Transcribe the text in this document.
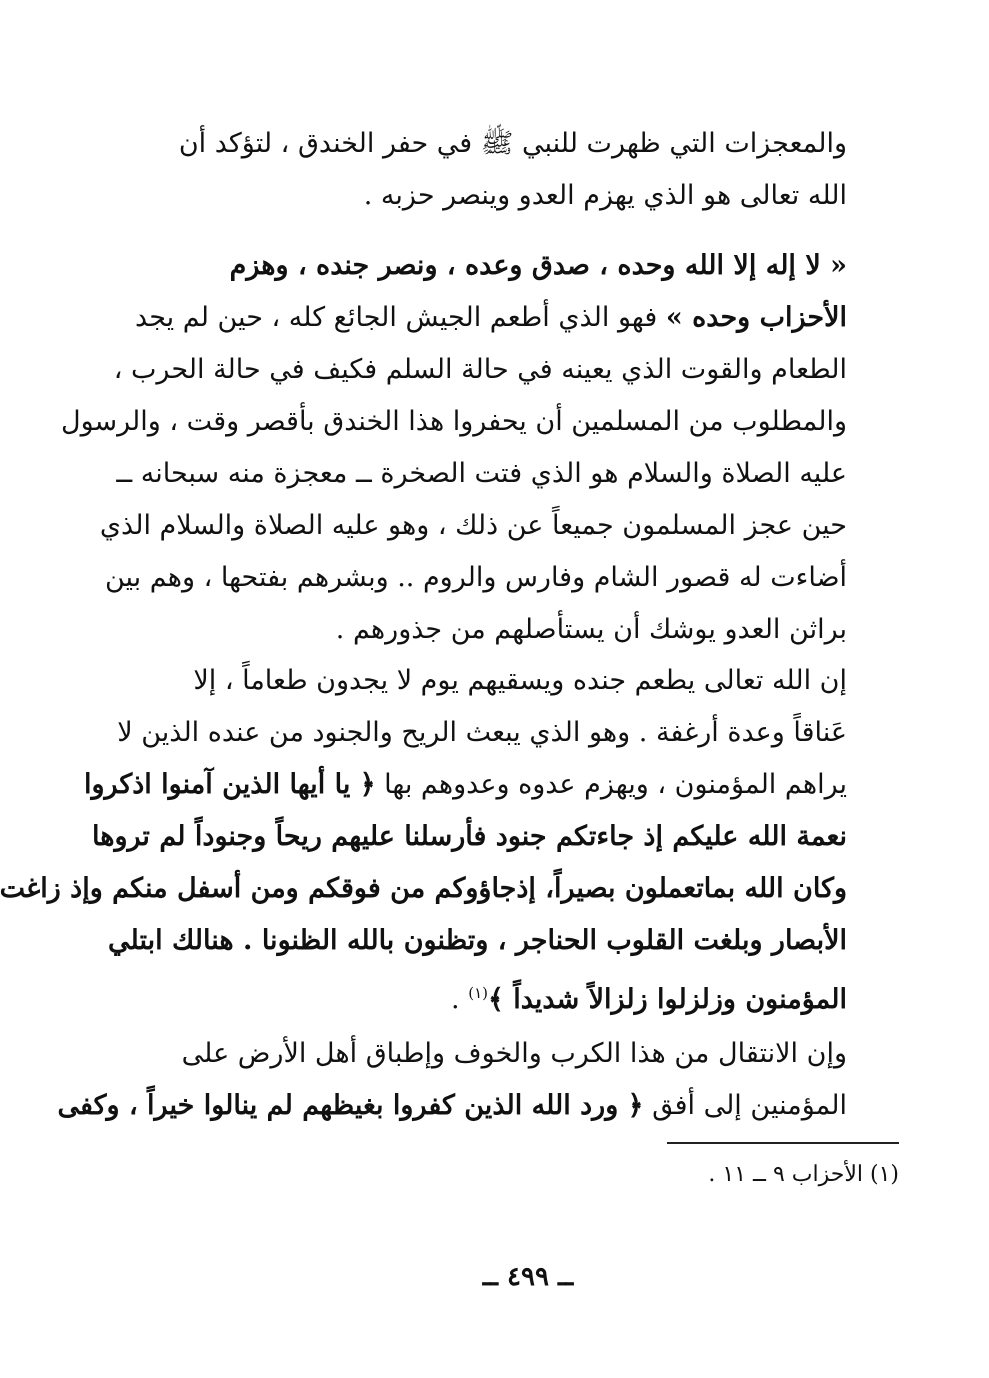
والمعجزات التي ظهرت للنبي ﷺ في حفر الخندق ، لتؤكد أن
الله تعالى هو الذي يهزم العدو وينصر حزبه .
« لا إله إلا الله وحده ، صدق وعده ، ونصر جنده ، وهزم
الأحزاب وحده » فهو الذي أطعم الجيش الجائع كله ، حين لم يجد
الطعام والقوت الذي يعينه في حالة السلم فكيف في حالة الحرب ،
والمطلوب من المسلمين أن يحفروا هذا الخندق بأقصر وقت ، والرسول
عليه الصلاة والسلام هو الذي فتت الصخرة ــ معجزة منه سبحانه ــ
حين عجز المسلمون جميعاً عن ذلك ، وهو عليه الصلاة والسلام الذي
أضاءت له قصور الشام وفارس والروم .. وبشرهم بفتحها ، وهم بين
براثن العدو يوشك أن يستأصلهم من جذورهم .
إن الله تعالى يطعم جنده ويسقيهم يوم لا يجدون طعاماً ، إلا
عَناقاً وعدة أرغفة . وهو الذي يبعث الريح والجنود من عنده الذين لا
يراهم المؤمنون ، ويهزم عدوه وعدوهم بها ﴿ يا أيها الذين آمنوا اذكروا
نعمة الله عليكم إذ جاءتكم جنود فأرسلنا عليهم ريحاً وجنوداً لم تروها
وكان الله بماتعملون بصيراً، إذجاؤوكم من فوقكم ومن أسفل منكم وإذ زاغت
الأبصار وبلغت القلوب الحناجر ، وتظنون بالله الظنونا . هنالك ابتلي
المؤمنون وزلزلوا زلزالاً شديداً ﴾$^{(١)}$ .
وإن الانتقال من هذا الكرب والخوف وإطباق أهل الأرض على
المؤمنين إلى أفق ﴿ ورد الله الذين كفروا بغيظهم لم ينالوا خيراً ، وكفى
(١) الأحزاب ٩ ــ ١١ .
ــ ٤٩٩ ــ
